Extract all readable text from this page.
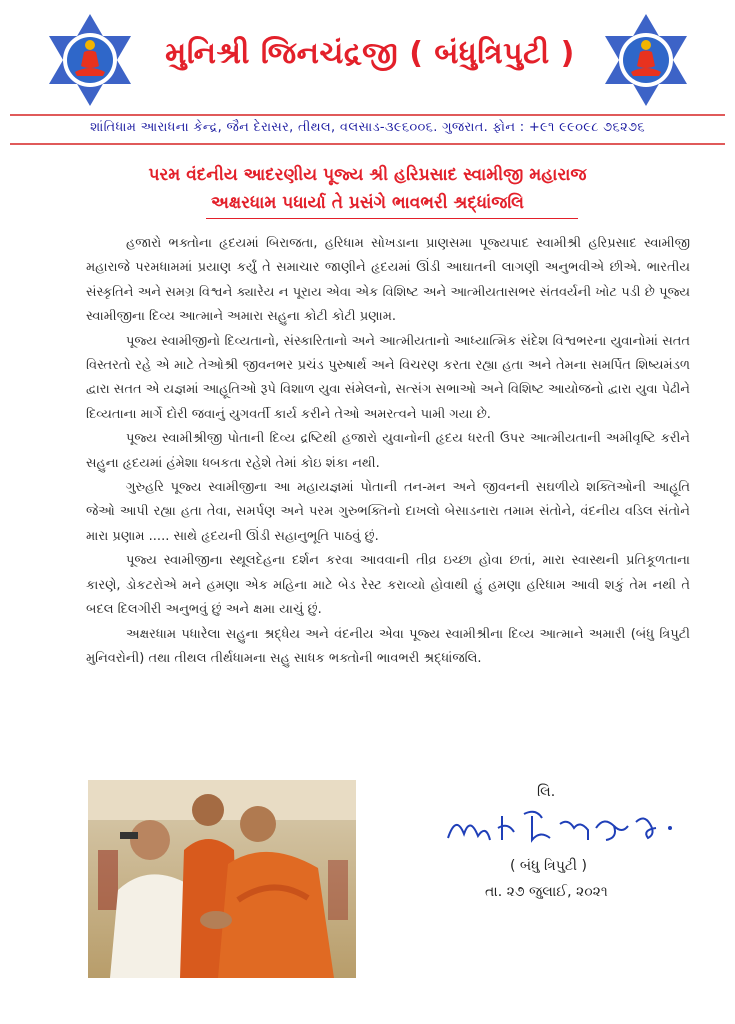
મુનિશ્રી જિનચંદ્રજી ( બંધુત્રિપુટી )
શાંતિધામ આરાધના કેન્દ્ર, જૈન દેરાસર, તીથલ, વલસાડ-૩૯૬૦૦૬. ગુજરાત. ફોન : +૯૧ ૯૯૦૯૮ ૭૬૨૭૬
પરમ વંદનીય આદરણીય પૂજ્ય શ્રી હરિપ્રસાદ સ્વામીજી મહારાજ
અક્ષરધામ પધાર્યા તે પ્રસંગે ભાવભરી શ્રદ્ધાંજલિ

હજારો ભક્તોના હૃદયમાં બિરાજતા, હરિધામ સોખડાના પ્રાણસમા પૂજ્યપાદ સ્વામીશ્રી હરિપ્રસાદ સ્વામીજી મહારાજે પરમધામમાં પ્રયાણ કર્યું તે સમાચાર જાણીને હૃદયમાં ઊંડી આઘાતની લાગણી અનુભવીએ છીએ. ભારતીય સંસ્કૃતિને અને સમગ્ર વિશ્વને ક્યારેય ન પૂરાય એવા એક વિશિષ્ટ અને આત્મીયતાસભર સંતવર્યની ખોટ પડી છે પૂજ્ય સ્વામીજીના દિવ્ય આત્માને અમારા સહુના કોટી કોટી પ્રણામ.

પૂજ્ય સ્વામીજીનો દિવ્યતાનો, સંસ્કારિતાનો અને આત્મીયતાનો આધ્યાત્મિક સંદેશ વિશ્વભરના યુવાનોમાં સતત વિસ્તરતો રહે એ માટે તેઓશ્રી જીવનભર પ્રચંડ પુરુષાર્થ અને વિચરણ કરતા રહ્યા હતા અને તેમના સમર્પિત શિષ્યમંડળ દ્વારા સતત એ યજ્ઞમાં આહૂતિઓ રૂપે વિશાળ યુવા સંમેલનો, સત્સંગ સભાઓ અને વિશિષ્ટ આયોજનો દ્વારા યુવા પેઢીને દિવ્યતાના માર્ગે દોરી જવાનું યુગવર્તી કાર્ય કરીને તેઓ અમરત્વને પામી ગયા છે.

પૂજ્ય સ્વામીશ્રીજી પોતાની દિવ્ય દ્રષ્ટિથી હજારો યુવાનોની હૃદય ધરતી ઉપર આત્મીયતાની અમીવૃષ્ટિ કરીને સહુના હૃદયમાં હંમેશા ધબકતા રહેશે તેમાં કોઇ શંકા નથી.

ગુરુહરિ પૂજ્ય સ્વામીજીના આ મહાયજ્ઞમાં પોતાની તન-મન અને જીવનની સઘળીયે શક્તિઓની આહૂતિ જેઓ આપી રહ્યા હતા તેવા, સમર્પણ અને પરમ ગુરુભક્તિનો દાખલો બેસાડનારા તમામ સંતોને, વંદનીય વડિલ સંતોને મારા પ્રણામ ..... સાથે હૃદયની ઊંડી સહાનુભૂતિ પાઠવું છું.

પૂજ્ય સ્વામીજીના સ્થૂલદેહના દર્શન કરવા આવવાની તીવ્ર ઇચ્છા હોવા છતાં, મારા સ્વાસ્થની પ્રતિકૂળતાના કારણે, ડોકટરોએ મને હમણા એક મહિના માટે બેડ રેસ્ટ કરાવ્યો હોવાથી હું હમણા હરિધામ આવી શકું તેમ નથી તે બદલ દિલગીરી અનુભવું છું અને ક્ષમા યાચું છું.

અક્ષરધામ પધારેલા સહુના શ્રદ્ધેય અને વંદનીય એવા પૂજ્ય સ્વામીશ્રીના દિવ્ય આત્માને અમારી (બંધુ ત્રિપુટી મુનિવરોની) તથા તીથલ તીર્થધામના સહુ સાધક ભક્તોની ભાવભરી શ્રદ્ધાંજલિ.

લિ.
( બંધુ ત્રિપુટી )
તા. ૨૭ જુલાઈ, ૨૦૨૧
